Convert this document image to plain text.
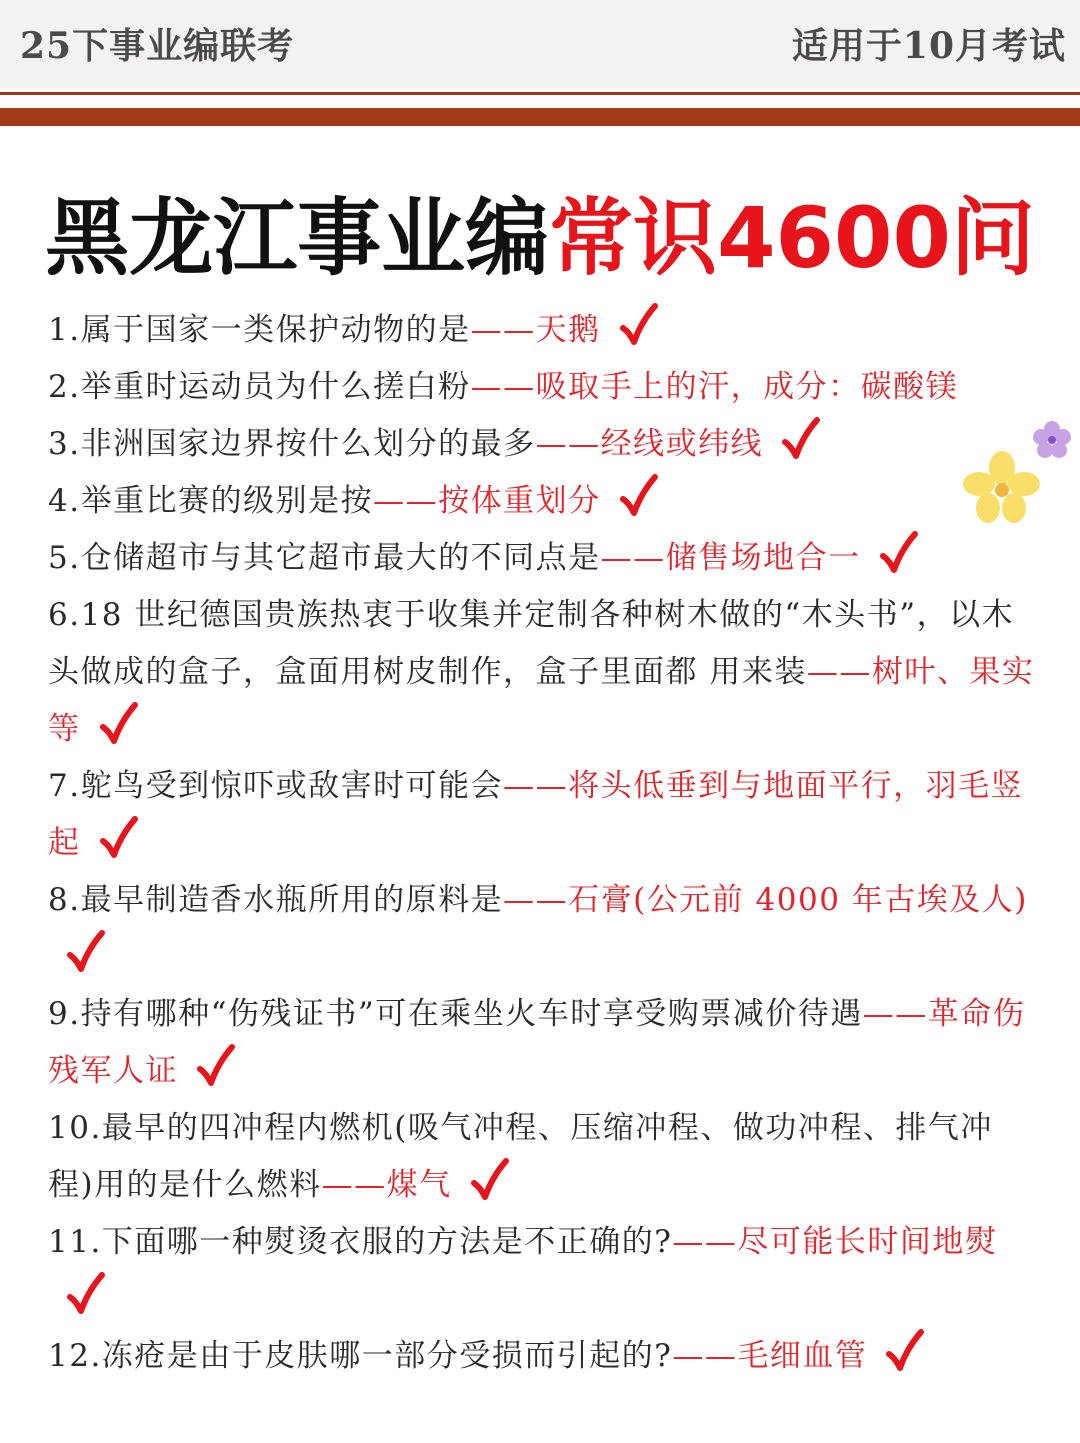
25下事业编联考	适用于10月考试
黑龙江事业编常识4600问
1.属于国家一类保护动物的是——天鹅
2.举重时运动员为什么搓白粉——吸取手上的汗，成分：碳酸镁
3.非洲国家边界按什么划分的最多——经线或纬线
4.举重比赛的级别是按——按体重划分
5.仓储超市与其它超市最大的不同点是——储售场地合一
6.18 世纪德国贵族热衷于收集并定制各种树木做的“木头书”，以木头做成的盒子，盒面用树皮制作，盒子里面都 用来装——树叶、果实等
7.鸵鸟受到惊吓或敌害时可能会——将头低垂到与地面平行，羽毛竖起
8.最早制造香水瓶所用的原料是——石膏(公元前 4000 年古埃及人)
9.持有哪种“伤残证书”可在乘坐火车时享受购票减价待遇——革命伤残军人证
10.最早的四冲程内燃机(吸气冲程、压缩冲程、做功冲程、排气冲程)用的是什么燃料——煤气
11.下面哪一种熨烫衣服的方法是不正确的?——尽可能长时间地熨
12.冻疮是由于皮肤哪一部分受损而引起的?——毛细血管
